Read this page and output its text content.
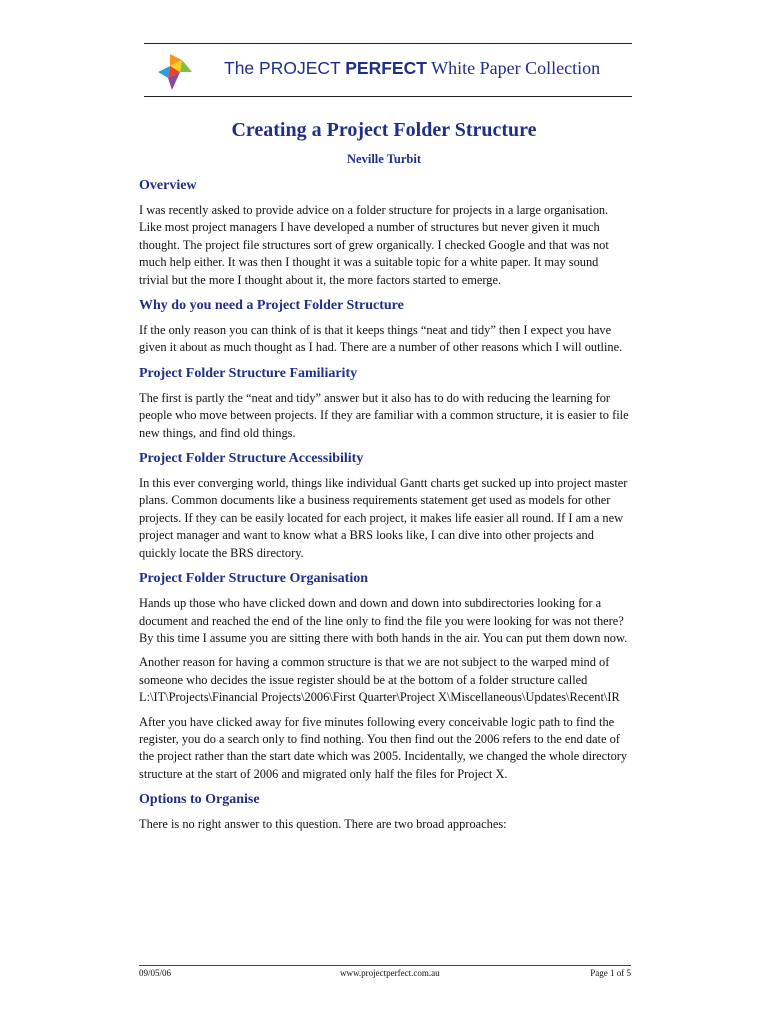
The PROJECT PERFECT White Paper Collection
Creating a Project Folder Structure
Neville Turbit
Overview

I was recently asked to provide advice on a folder structure for projects in a large organisation. Like most project managers I have developed a number of structures but never given it much thought. The project file structures sort of grew organically. I checked Google and that was not much help either. It was then I thought it was a suitable topic for a white paper. It may sound trivial but the more I thought about it, the more factors started to emerge.

Why do you need a Project Folder Structure

If the only reason you can think of is that it keeps things “neat and tidy” then I expect you have given it about as much thought as I had. There are a number of other reasons which I will outline.

Project Folder Structure Familiarity

The first is partly the “neat and tidy” answer but it also has to do with reducing the learning for people who move between projects. If they are familiar with a common structure, it is easier to file new things, and find old things.

Project Folder Structure Accessibility

In this ever converging world, things like individual Gantt charts get sucked up into project master plans. Common documents like a business requirements statement get used as models for other projects. If they can be easily located for each project, it makes life easier all round. If I am a new project manager and want to know what a BRS looks like, I can dive into other projects and quickly locate the BRS directory.

Project Folder Structure Organisation

Hands up those who have clicked down and down and down into subdirectories looking for a document and reached the end of the line only to find the file you were looking for was not there? By this time I assume you are sitting there with both hands in the air. You can put them down now.

Another reason for having a common structure is that we are not subject to the warped mind of someone who decides the issue register should be at the bottom of a folder structure called L:\IT\Projects\Financial Projects\2006\First Quarter\Project X\Miscellaneous\Updates\Recent\IR

After you have clicked away for five minutes following every conceivable logic path to find the register, you do a search only to find nothing. You then find out the 2006 refers to the end date of the project rather than the start date which was 2005. Incidentally, we changed the whole directory structure at the start of 2006 and migrated only half the files for Project X.

Options to Organise

There is no right answer to this question. There are two broad approaches:

09/05/06	www.projectperfect.com.au	Page 1 of 5
